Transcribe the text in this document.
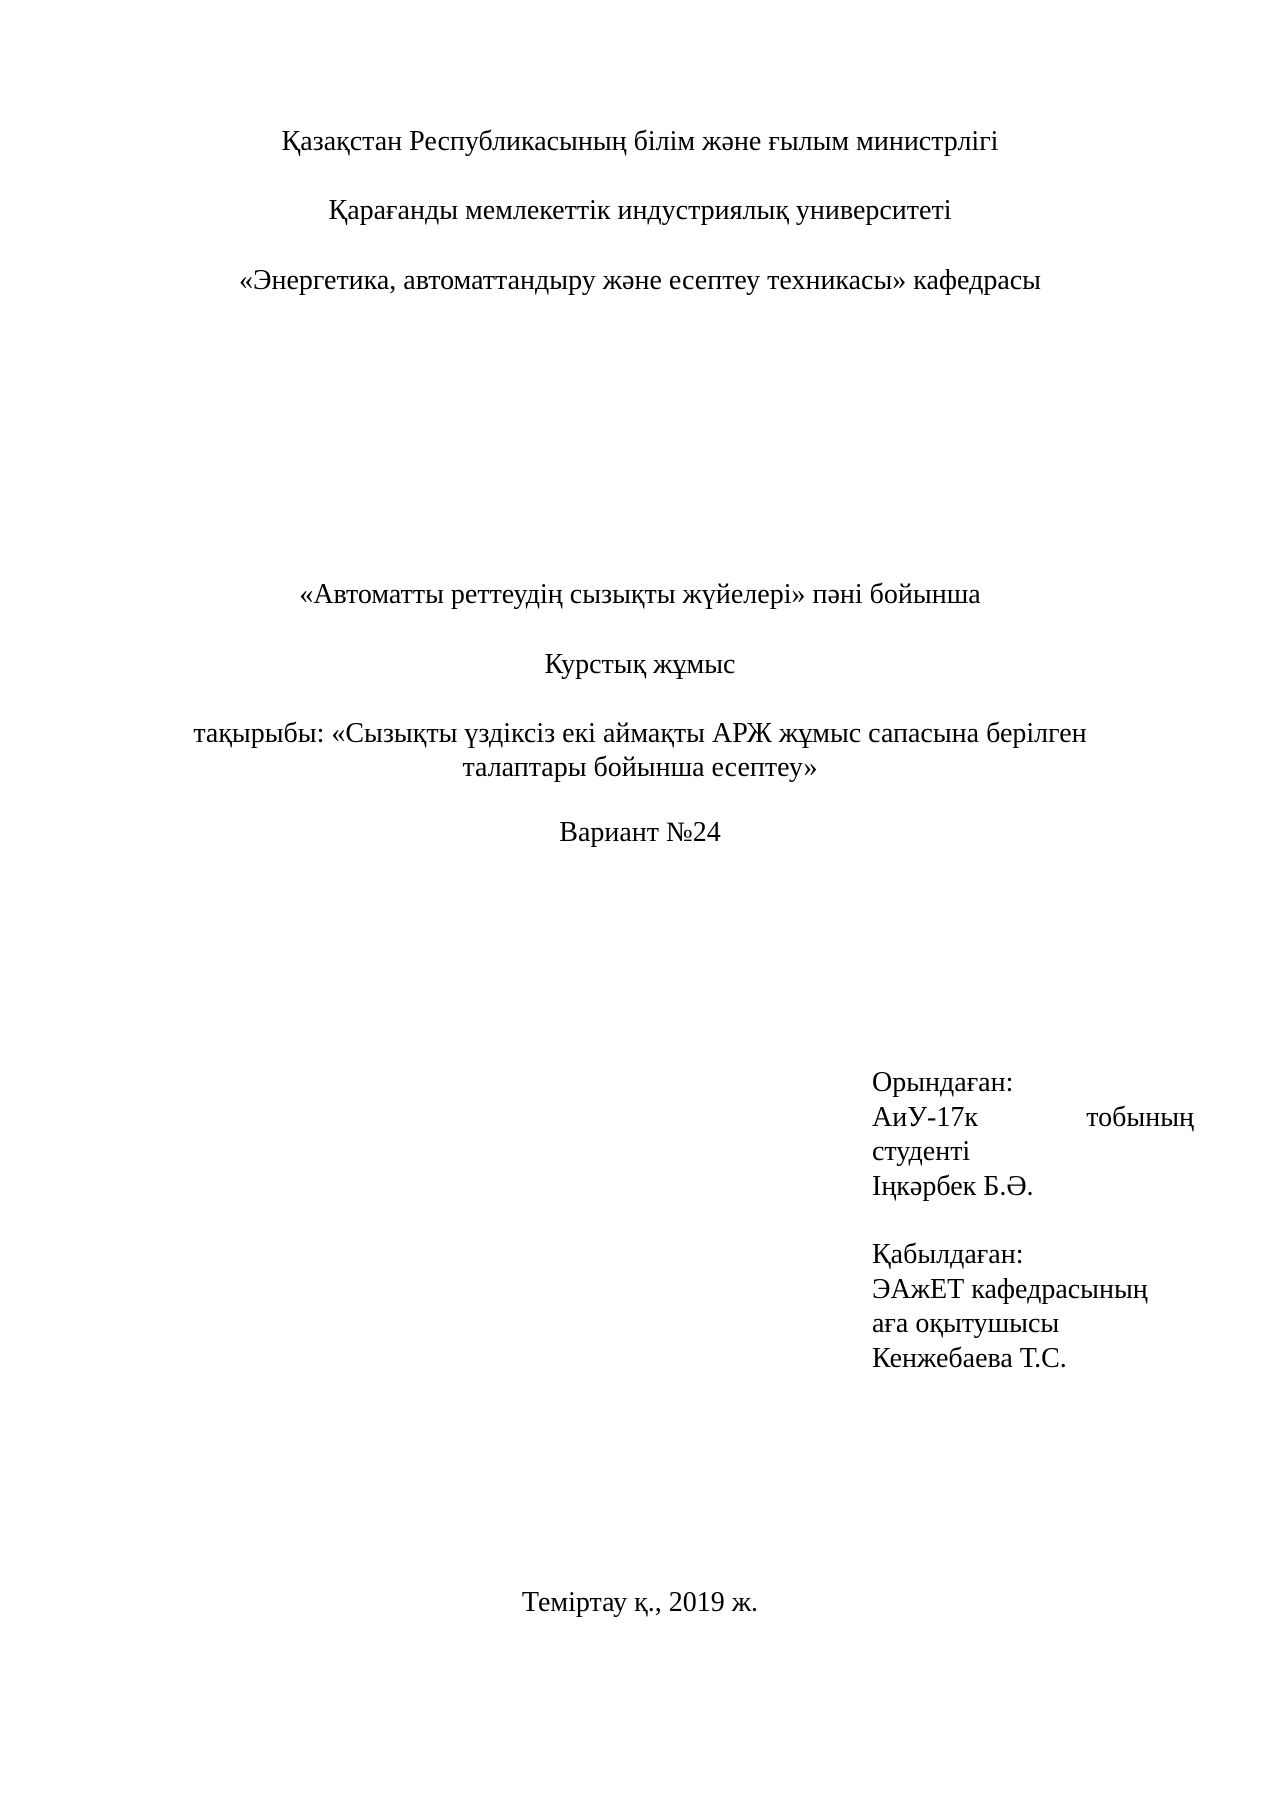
Қазақстан Республикасының білім және ғылым министрлігі
Қарағанды мемлекеттік индустриялық университеті
«Энергетика, автоматтандыру және есептеу техникасы» кафедрасы
«Автоматты реттеудің сызықты жүйелері» пәні бойынша
Курстық жұмыс
тақырыбы: «Сызықты үздіксіз екі аймақты АРЖ жұмыс сапасына берілген
талаптары бойынша есептеу»
Вариант №24
Орындаған:
АиУ-17к	тобының
студенті
Іңкәрбек Б.Ә.
Қабылдаған:
ЭАжЕТ кафедрасының
аға оқытушысы
Кенжебаева Т.С.
Теміртау қ., 2019 ж.
